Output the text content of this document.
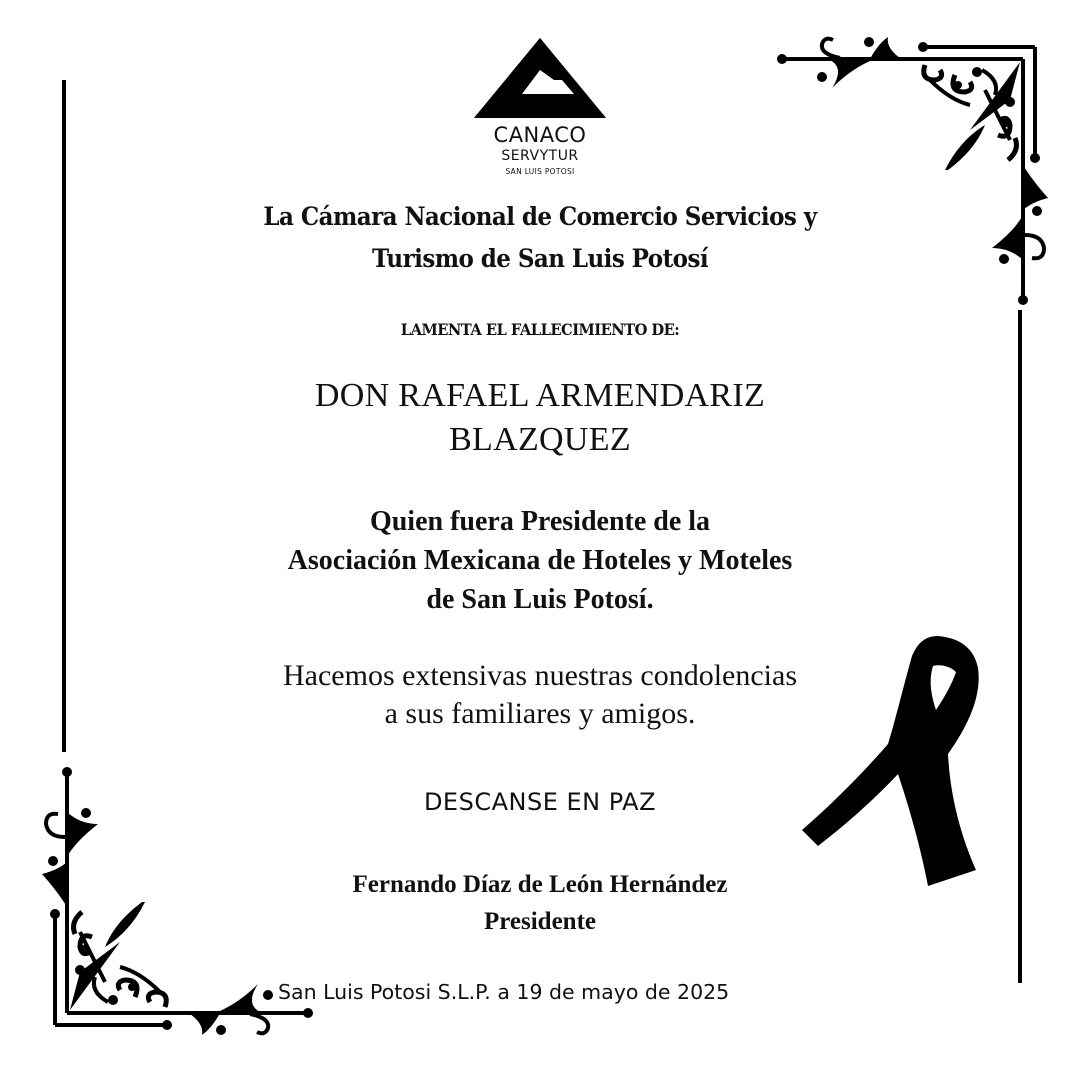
CANACO
SERVYTUR
SAN LUIS POTOSI
La Cámara Nacional de Comercio Servicios y
Turismo de San Luis Potosí
LAMENTA EL FALLECIMIENTO DE:
DON RAFAEL ARMENDARIZ
BLAZQUEZ
Quien fuera Presidente de la
Asociación Mexicana de Hoteles y Moteles
de San Luis Potosí.
Hacemos extensivas nuestras condolencias
a sus familiares y amigos.
DESCANSE EN PAZ
Fernando Díaz de León Hernández
Presidente
San Luis Potosi S.L.P. a 19 de mayo de 2025
